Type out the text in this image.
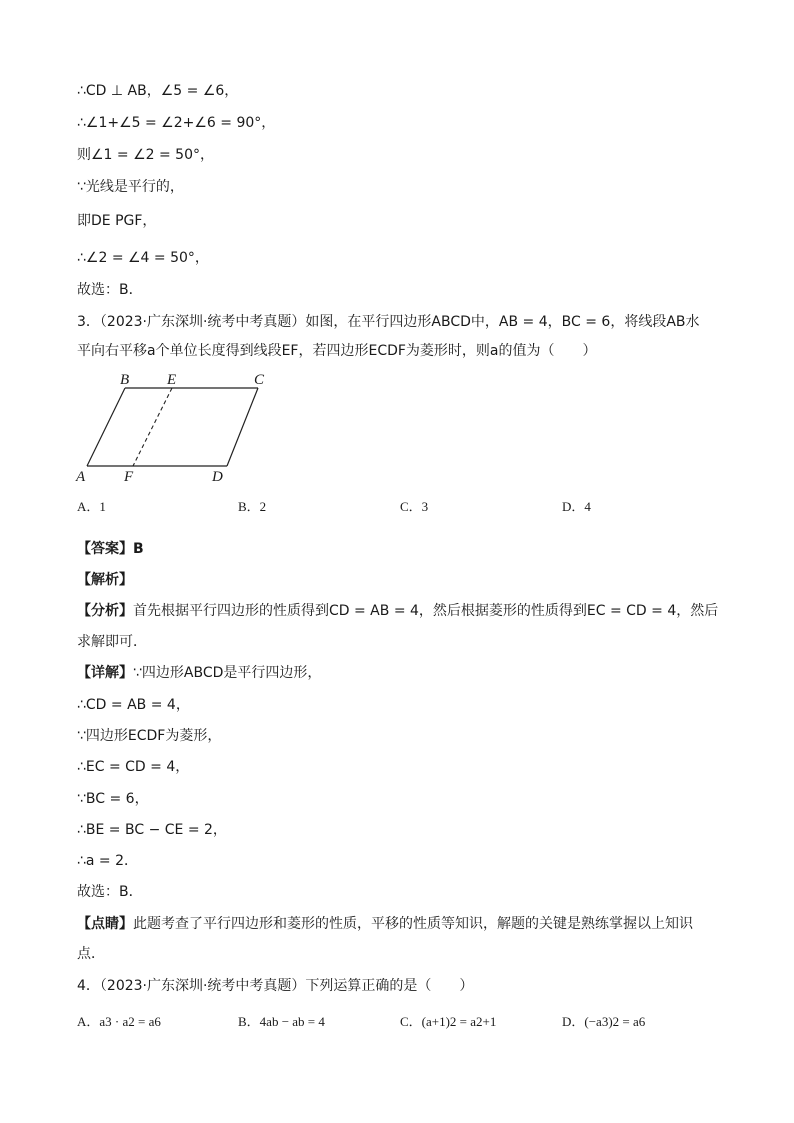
∴CD ⊥ AB，∠5 = ∠6，
∴∠1+∠5 = ∠2+∠6 = 90°，
则∠1 = ∠2 = 50°，
∵光线是平行的，
即DE PGF，
∴∠2 = ∠4 = 50°，
故选：B．
3．（2023·广东深圳·统考中考真题）如图，在平行四边形ABCD中，AB = 4，BC = 6，将线段AB水
平向右平移a个单位长度得到线段EF，若四边形ECDF为菱形时，则a的值为（　　）
B	E	C
A	F	D
A．1	B．2	C．3	D．4
【答案】B
【解析】
【分析】首先根据平行四边形的性质得到CD = AB = 4，然后根据菱形的性质得到EC = CD = 4，然后
求解即可．
【详解】∵四边形ABCD是平行四边形，
∴CD = AB = 4，
∵四边形ECDF为菱形，
∴EC = CD = 4，
∵BC = 6，
∴BE = BC − CE = 2，
∴a = 2．
故选：B．
【点睛】此题考查了平行四边形和菱形的性质，平移的性质等知识，解题的关键是熟练掌握以上知识
点．
4．（2023·广东深圳·统考中考真题）下列运算正确的是（　　）
A．a3 · a2 = a6	B．4ab − ab = 4	C．(a+1)2 = a2+1	D．(−a3)2 = a6
